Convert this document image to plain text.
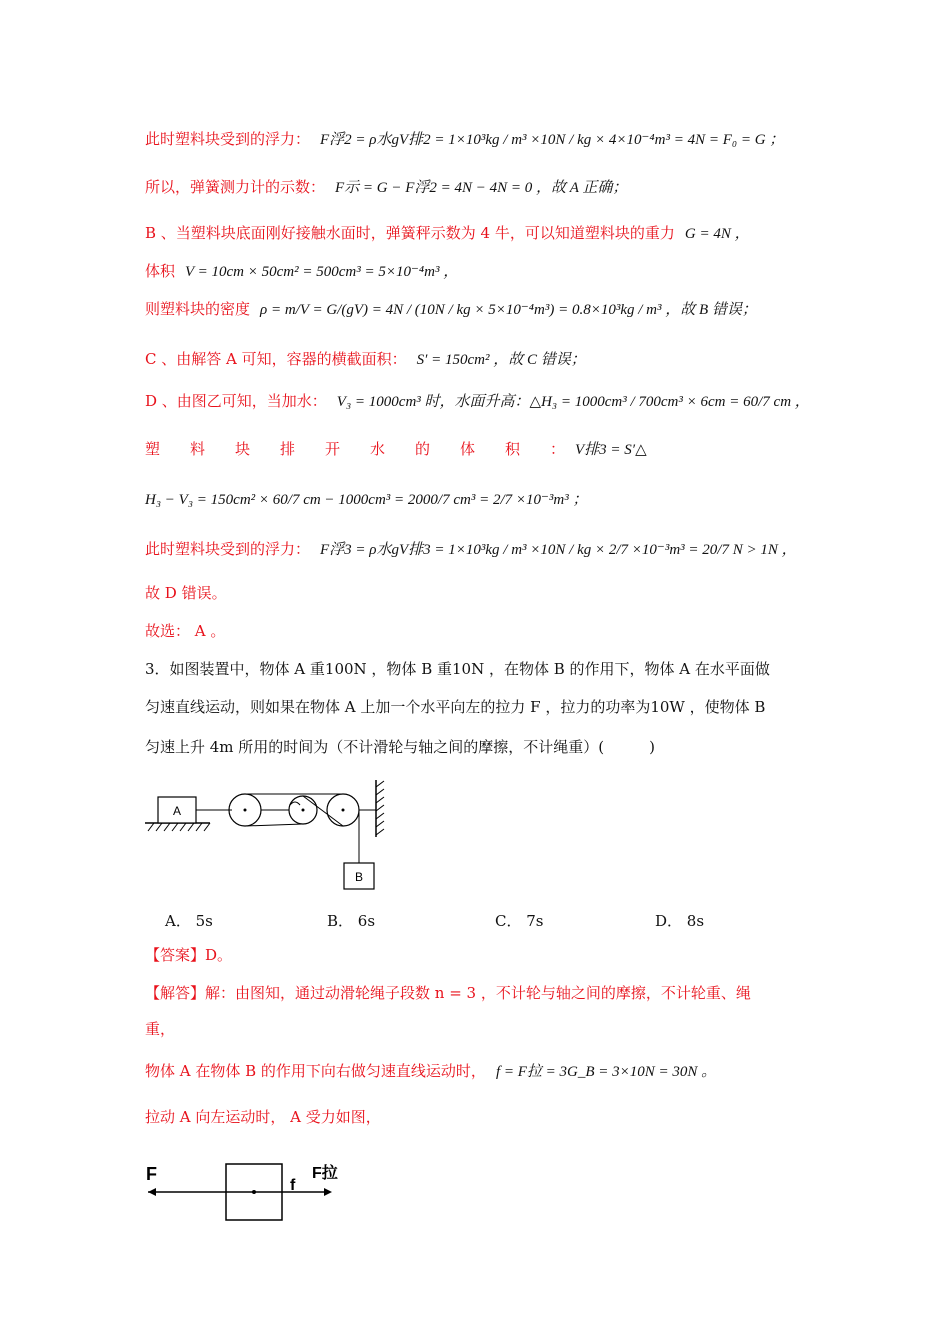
此时塑料块受到的浮力： F浮2 = ρ水gV排2 = 1×10³kg / m³ ×10N / kg × 4×10⁻⁴m³ = 4N = F₀ = G ；
所以，弹簧测力计的示数： F示 = G − F浮2 = 4N − 4N = 0 ，故 A 正确；
B 、当塑料块底面刚好接触水面时，弹簧秤示数为 4 牛，可以知道塑料块的重力 G = 4N ，
体积 V = 10cm × 50cm² = 500cm³ = 5×10⁻⁴m³ ，
则塑料块的密度 ρ = m/V = G/(gV) = 4N / (10N / kg × 5×10⁻⁴m³) = 0.8×10³kg / m³ ，故 B 错误；
C 、由解答 A 可知，容器的横截面积： S′ = 150cm² ，故 C 错误；
D 、由图乙可知，当加水： V₃ = 1000cm³ 时，水面升高：△H₃ = 1000cm³ / 700cm³ × 6cm = 60/7 cm ，
塑　　料　　块　　排　　开　　水　　的　　体　　积　　： V排3 = S′△
H₃ − V₃ = 150cm² × 60/7 cm − 1000cm³ = 2000/7 cm³ = 2/7 ×10⁻³m³ ；
此时塑料块受到的浮力： F浮3 = ρ水gV排3 = 1×10³kg / m³ ×10N / kg × 2/7 ×10⁻³m³ = 20/7 N > 1N ，
故 D 错误。
故选： A 。
3．如图装置中，物体 A 重100N ，物体 B 重10N ，在物体 B 的作用下，物体 A 在水平面做
匀速直线运动，则如果在物体 A 上加一个水平向左的拉力 F ，拉力的功率为10W ，使物体 B
匀速上升 4m 所用的时间为（不计滑轮与轴之间的摩擦，不计绳重）(　　　)
【答案】D。
【解答】解：由图知，通过动滑轮绳子段数 n = 3 ，不计轮与轴之间的摩擦，不计轮重、绳
重，
物体 A 在物体 B 的作用下向右做匀速直线运动时， f = F拉 = 3G_B = 3×10N = 30N 。
拉动 A 向左运动时， A 受力如图，
A． 5s	B． 6s	C． 7s	D． 8s
A
B
F
f
F拉
